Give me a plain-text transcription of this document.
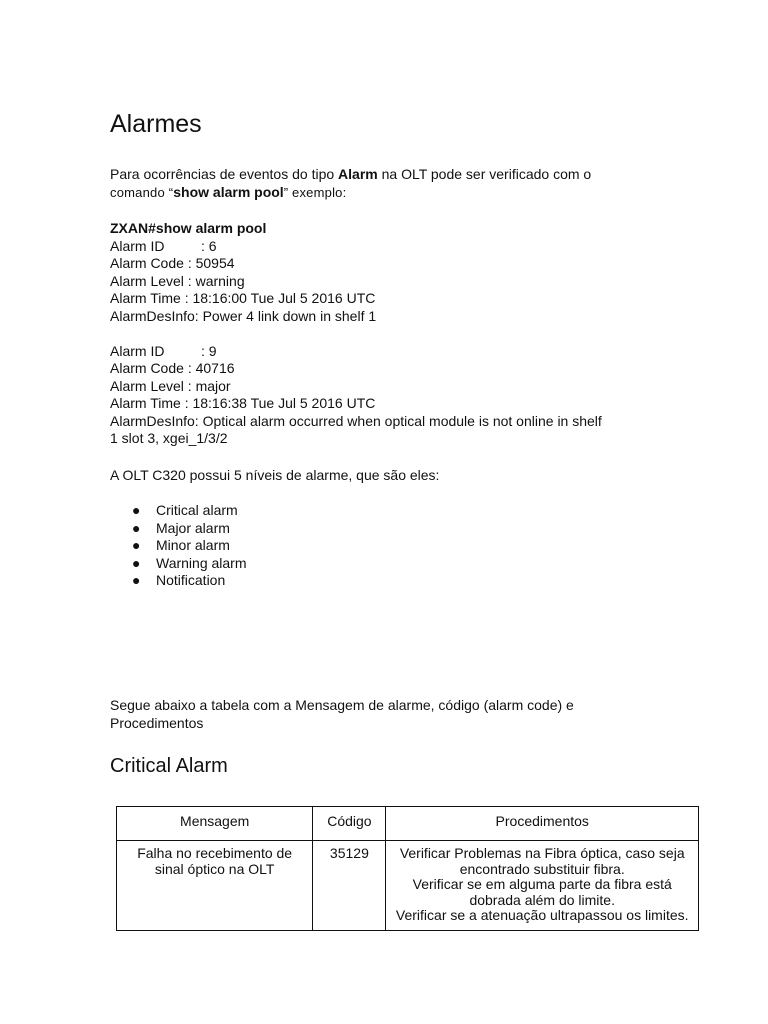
Alarmes

Para ocorrências de eventos do tipo Alarm na OLT pode ser verificado com o
comando “show alarm pool” exemplo:

ZXAN#show alarm pool

Alarm ID	: 6

Alarm Code : 50954

Alarm Level : warning

Alarm Time : 18:16:00 Tue Jul 5 2016 UTC

AlarmDesInfo: Power 4 link down in shelf 1

Alarm ID	: 9

Alarm Code : 40716

Alarm Level : major

Alarm Time : 18:16:38 Tue Jul 5 2016 UTC

AlarmDesInfo: Optical alarm occurred when optical module is not online in shelf

1 slot 3, xgei_1/3/2

A OLT C320 possui 5 níveis de alarme, que são eles:

● Critical alarm
● Major alarm
● Minor alarm
● Warning alarm
● Notification

Segue abaixo a tabela com a Mensagem de alarme, código (alarm code) e Procedimentos

Critical Alarm
Mensagem	Código	Procedimentos
Falha no recebimento de sinal óptico na OLT	35129	Verificar Problemas na Fibra óptica, caso seja encontrado substituir fibra.
Verificar se em alguma parte da fibra está dobrada além do limite.
Verificar se a atenuação ultrapassou os limites.
